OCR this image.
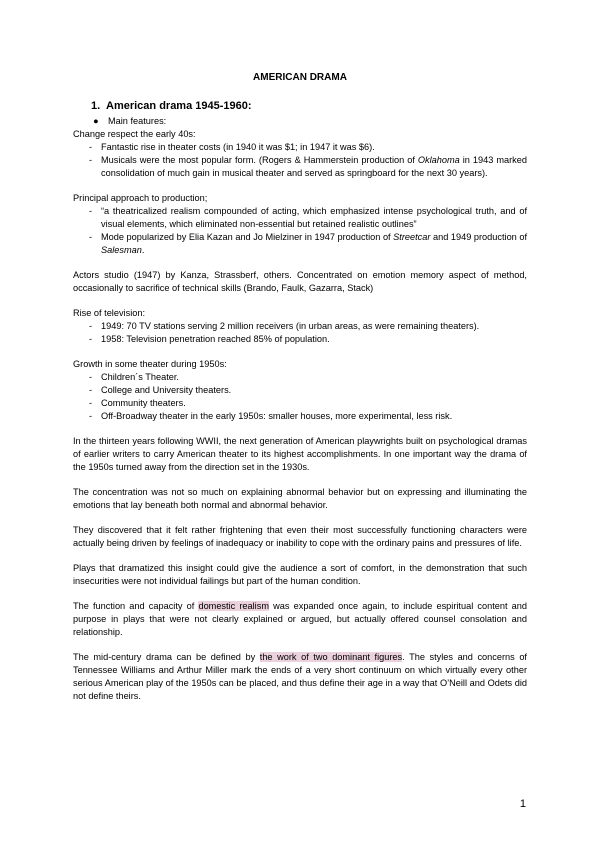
AMERICAN DRAMA
1. American drama 1945-1960:
●	Main features:

Change respect the early 40s:

- Fantastic rise in theater costs (in 1940 it was $1; in 1947 it was $6).
- Musicals were the most popular form. (Rogers & Hammerstein production of Oklahoma in 1943 marked consolidation of much gain in musical theater and served as springboard for the next 30 years).

Principal approach to production;

- “a theatricalized realism compounded of acting, which emphasized intense psychological truth, and of visual elements, which eliminated non-essential but retained realistic outlines”
- Mode popularized by Elia Kazan and Jo Mielziner in 1947 production of Streetcar and 1949 production of Salesman.

Actors studio (1947) by Kanza, Strassberf, others. Concentrated on emotion memory aspect of method, occasionally to sacrifice of technical skills (Brando, Faulk, Gazarra, Stack)

Rise of television:

- 1949: 70 TV stations serving 2 million receivers (in urban areas, as were remaining theaters).
- 1958: Television penetration reached 85% of population.

Growth in some theater during 1950s:

- Children´s Theater.
- College and University theaters.
- Community theaters.
- Off-Broadway theater in the early 1950s: smaller houses, more experimental, less risk.

In the thirteen years following WWII, the next generation of American playwrights built on psychological dramas of earlier writers to carry American theater to its highest accomplishments. In one important way the drama of the 1950s turned away from the direction set in the 1930s.

The concentration was not so much on explaining abnormal behavior but on expressing and illuminating the emotions that lay beneath both normal and abnormal behavior.

They discovered that it felt rather frightening that even their most successfully functioning characters were actually being driven by feelings of inadequacy or inability to cope with the ordinary pains and pressures of life.

Plays that dramatized this insight could give the audience a sort of comfort, in the demonstration that such insecurities were not individual failings but part of the human condition.

The function and capacity of domestic realism was expanded once again, to include espiritual content and purpose in plays that were not clearly explained or argued, but actually offered counsel consolation and relationship.

The mid-century drama can be defined by the work of two dominant figures. The styles and concerns of Tennessee Williams and Arthur Miller mark the ends of a very short continuum on which virtually every other serious American play of the 1950s can be placed, and thus define their age in a way that O’Neill and Odets did not define theirs.

1
